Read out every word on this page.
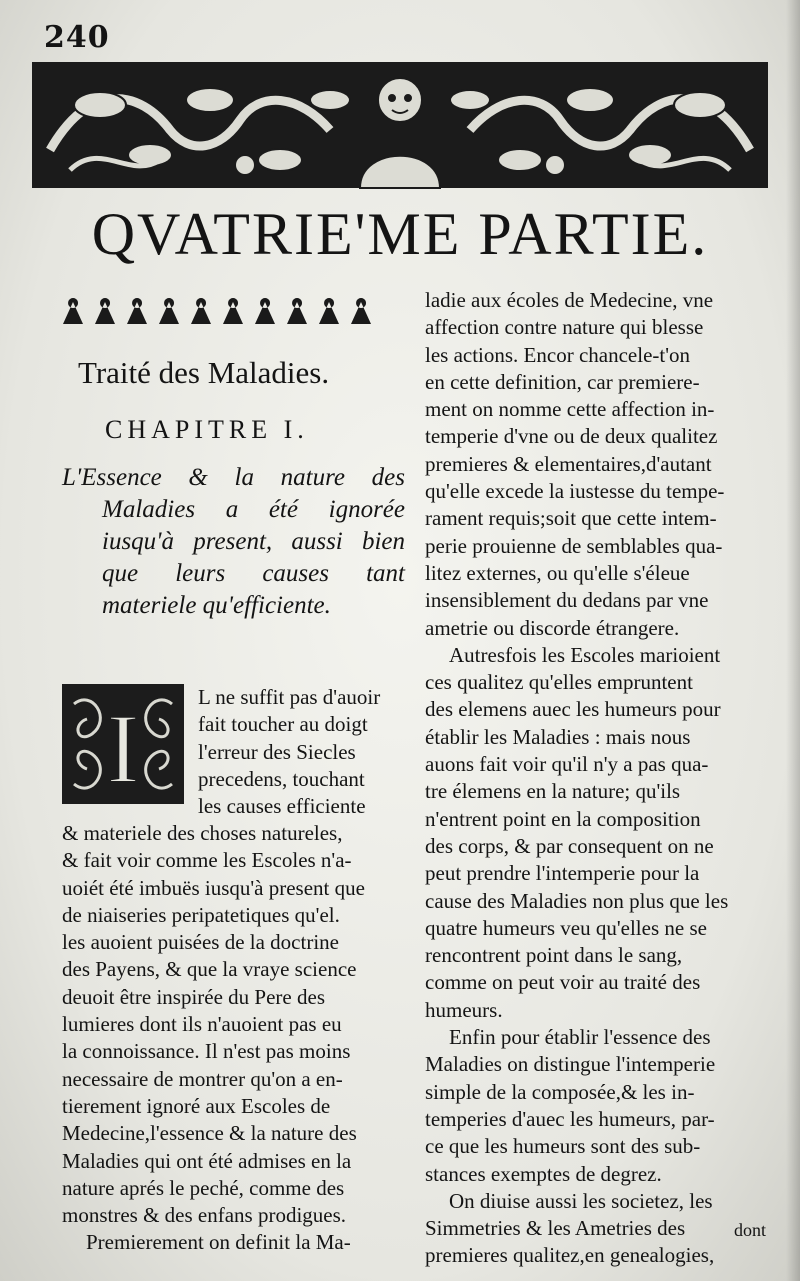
240
QVATRIE'ME PARTIE.
Traité des Maladies.
CHAPITRE I.

L'Essence & la nature des Maladies a été ignorée iusqu'à present, aussi bien que leurs causes tant materiele qu'efficiente.

I	L ne suffit pas d'auoir
fait toucher au doigt
l'erreur des Siecles
precedens, touchant
les causes efficiente
& materiele des choses natureles,
& fait voir comme les Escoles n'a-
uoiét été imbuës iusqu'à present que
de niaiseries peripatetiques qu'el.
les auoient puisées de la doctrine
des Payens, & que la vraye science
deuoit être inspirée du Pere des
lumieres dont ils n'auoient pas eu
la connoissance. Il n'est pas moins
necessaire de montrer qu'on a en-
tierement ignoré aux Escoles de
Medecine,l'essence & la nature des
Maladies qui ont été admises en la
nature aprés le peché, comme des
monstres & des enfans prodigues.
Premierement on definit la Ma-
ladie aux écoles de Medecine, vne
affection contre nature qui blesse
les actions. Encor chancele-t'on
en cette definition, car premiere-
ment on nomme cette affection in-
temperie d'vne ou de deux qualitez
premieres & elementaires,d'autant
qu'elle excede la iustesse du tempe-
rament requis;soit que cette intem-
perie prouienne de semblables qua-
litez externes, ou qu'elle s'éleue
insensiblement du dedans par vne
ametrie ou discorde étrangere.
Autresfois les Escoles marioient
ces qualitez qu'elles empruntent
des elemens auec les humeurs pour
établir les Maladies : mais nous
auons fait voir qu'il n'y a pas qua-
tre élemens en la nature; qu'ils
n'entrent point en la composition
des corps, & par consequent on ne
peut prendre l'intemperie pour la
cause des Maladies non plus que les
quatre humeurs veu qu'elles ne se
rencontrent point dans le sang,
comme on peut voir au traité des
humeurs.
Enfin pour établir l'essence des
Maladies on distingue l'intemperie
simple de la composée,& les in-
temperies d'auec les humeurs, par-
ce que les humeurs sont des sub-
stances exemptes de degrez.
On diuise aussi les societez, les
Simmetries & les Ametries des
premieres qualitez,en genealogies,
dont
